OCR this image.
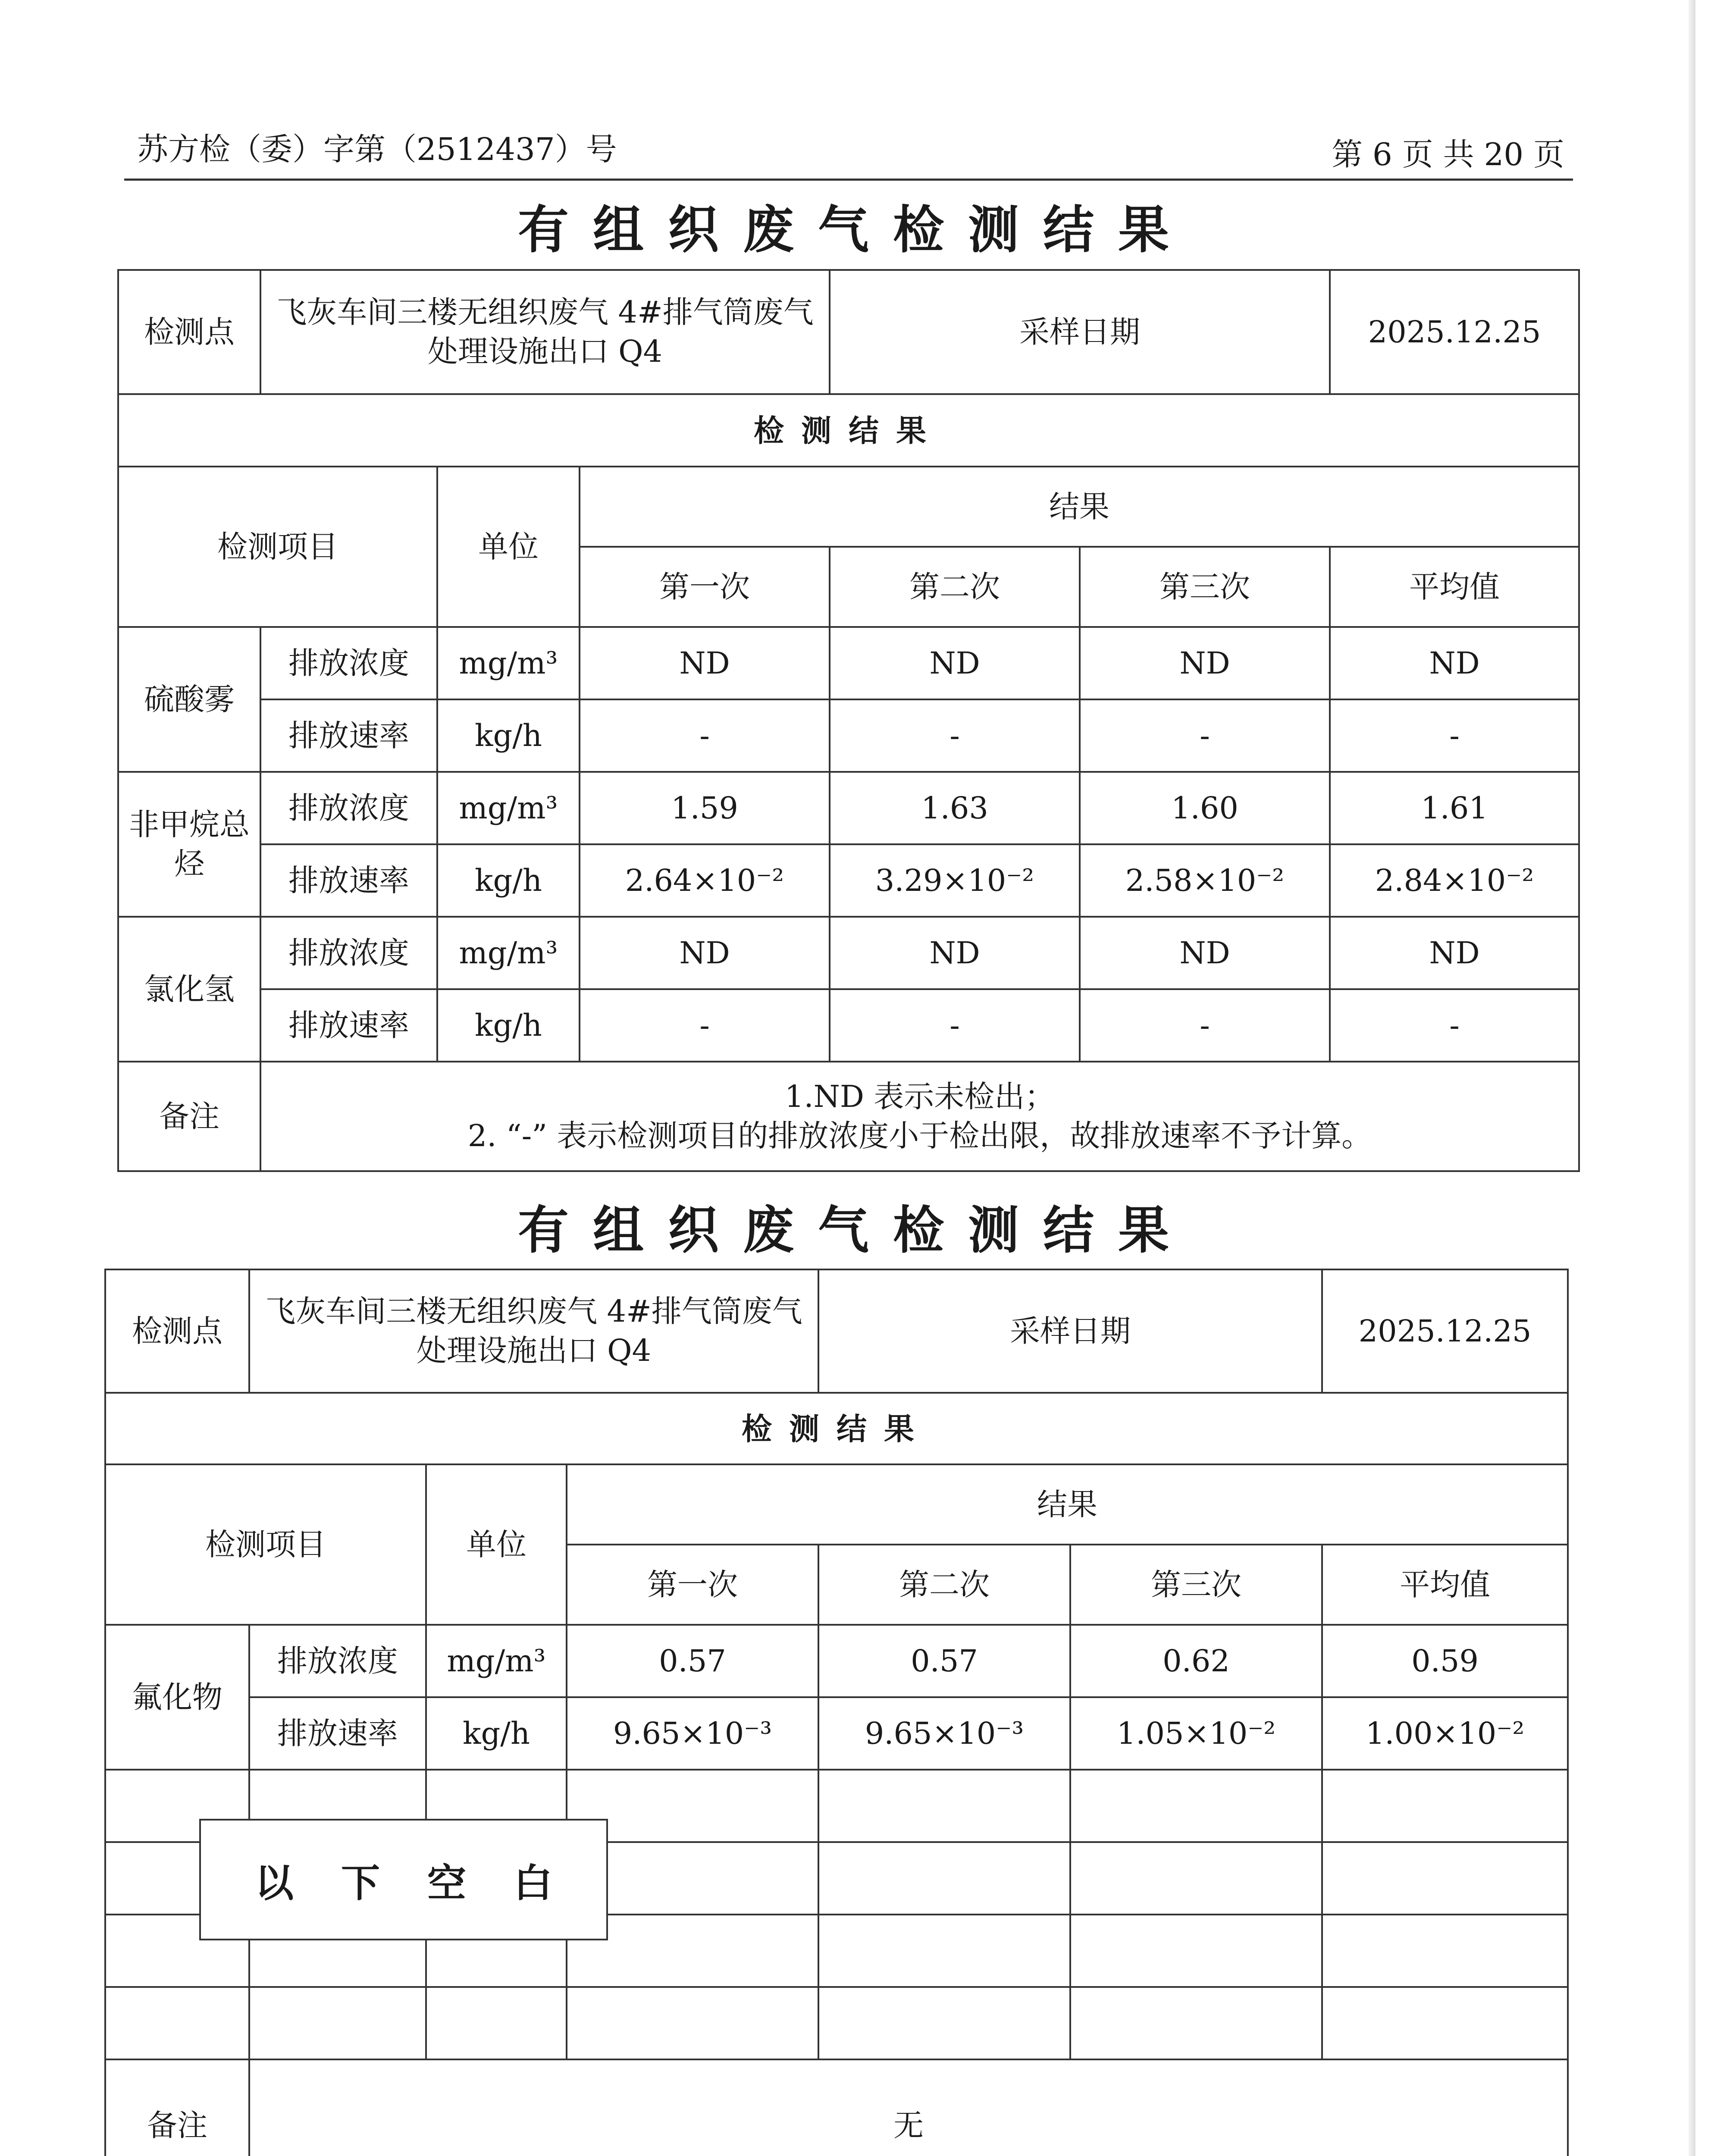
苏方检（委）字第（2512437）号	第 6 页 共 20 页
有组织废气检测结果
检测点	飞灰车间三楼无组织废气 4#排气筒废气处理设施出口 Q4			采样日期		2025.12.25
检测结果						
检测项目		单位	结果			
			第一次	第二次	第三次	平均值
硫酸雾	排放浓度	mg/m³	ND	ND	ND	ND
	排放速率	kg/h	-	-	-	-
非甲烷总烃	排放浓度	mg/m³	1.59	1.63	1.60	1.61
	排放速率	kg/h	2.64×10⁻²	3.29×10⁻²	2.58×10⁻²	2.84×10⁻²
氯化氢	排放浓度	mg/m³	ND	ND	ND	ND
	排放速率	kg/h	-	-	-	-
备注	1.ND 表示未检出；
2. “-” 表示检测项目的排放浓度小于检出限，故排放速率不予计算。					
有组织废气检测结果
检测点	飞灰车间三楼无组织废气 4#排气筒废气处理设施出口 Q4			采样日期		2025.12.25
检测结果						
检测项目		单位	结果			
			第一次	第二次	第三次	平均值
氟化物	排放浓度	mg/m³	0.57	0.57	0.62	0.59
	排放速率	kg/h	9.65×10⁻³	9.65×10⁻³	1.05×10⁻²	1.00×10⁻²

备注	无					
以下空白
